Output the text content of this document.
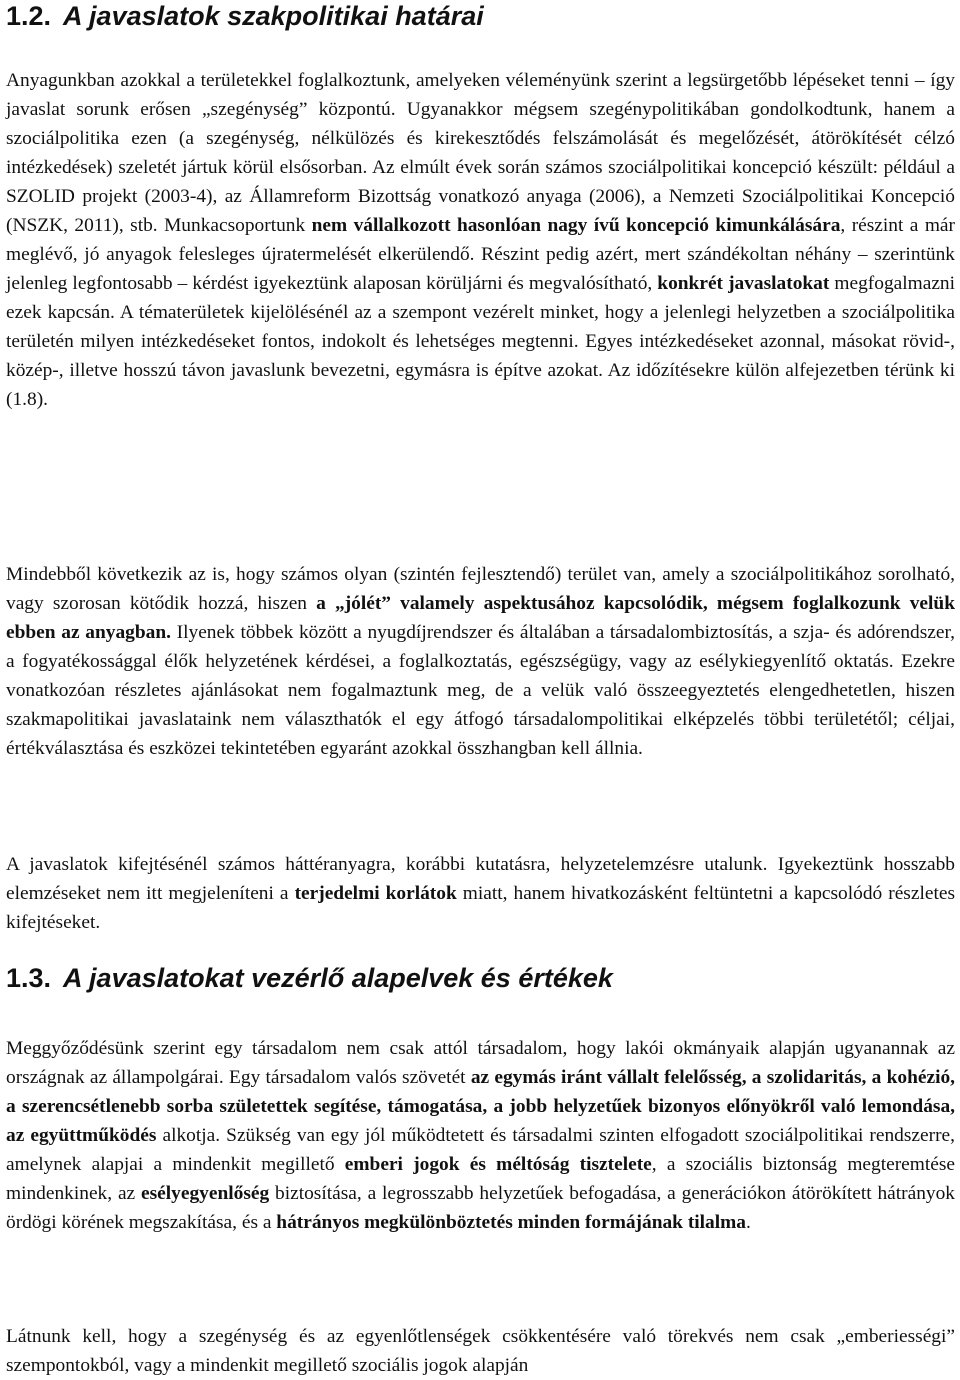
1.2. A javaslatok szakpolitikai határai

Anyagunkban azokkal a területekkel foglalkoztunk, amelyeken véleményünk szerint a legsürgetőbb lépéseket tenni – így javaslat sorunk erősen „szegénység” központú. Ugyanakkor mégsem szegénypolitikában gondolkodtunk, hanem a szociálpolitika ezen (a szegénység, nélkülözés és kirekesztődés felszámolását és megelőzését, átörökítését célzó intézkedések) szeletét jártuk körül elsősorban. Az elmúlt évek során számos szociálpolitikai koncepció készült: például a SZOLID projekt (2003-4), az Államreform Bizottság vonatkozó anyaga (2006), a Nemzeti Szociálpolitikai Koncepció (NSZK, 2011), stb. Munkacsoportunk nem vállalkozott hasonlóan nagy ívű koncepció kimunkálására, részint a már meglévő, jó anyagok felesleges újratermelését elkerülendő. Részint pedig azért, mert szándékoltan néhány – szerintünk jelenleg legfontosabb – kérdést igyekeztünk alaposan körüljárni és megvalósítható, konkrét javaslatokat megfogalmazni ezek kapcsán. A tématerületek kijelölésénél az a szempont vezérelt minket, hogy a jelenlegi helyzetben a szociálpolitika területén milyen intézkedéseket fontos, indokolt és lehetséges megtenni. Egyes intézkedéseket azonnal, másokat rövid-, közép-, illetve hosszú távon javaslunk bevezetni, egymásra is építve azokat. Az időzítésekre külön alfejezetben térünk ki (1.8).

Mindebből következik az is, hogy számos olyan (szintén fejlesztendő) terület van, amely a szociálpolitikához sorolható, vagy szorosan kötődik hozzá, hiszen a „jólét” valamely aspektusához kapcsolódik, mégsem foglalkozunk velük ebben az anyagban. Ilyenek többek között a nyugdíjrendszer és általában a társadalombiztosítás, a szja- és adórendszer, a fogyatékossággal élők helyzetének kérdései, a foglalkoztatás, egészségügy, vagy az esélykiegyenlítő oktatás. Ezekre vonatkozóan részletes ajánlásokat nem fogalmaztunk meg, de a velük való összeegyeztetés elengedhetetlen, hiszen szakmapolitikai javaslataink nem választhatók el egy átfogó társadalompolitikai elképzelés többi területétől; céljai, értékválasztása és eszközei tekintetében egyaránt azokkal összhangban kell állnia.

A javaslatok kifejtésénél számos háttéranyagra, korábbi kutatásra, helyzetelemzésre utalunk. Igyekeztünk hosszabb elemzéseket nem itt megjeleníteni a terjedelmi korlátok miatt, hanem hivatkozásként feltüntetni a kapcsolódó részletes kifejtéseket.

1.3. A javaslatokat vezérlő alapelvek és értékek

Meggyőződésünk szerint egy társadalom nem csak attól társadalom, hogy lakói okmányaik alapján ugyanannak az országnak az állampolgárai. Egy társadalom valós szövetét az egymás iránt vállalt felelősség, a szolidaritás, a kohézió, a szerencsétlenebb sorba születettek segítése, támogatása, a jobb helyzetűek bizonyos előnyökről való lemondása, az együttműködés alkotja. Szükség van egy jól működtetett és társadalmi szinten elfogadott szociálpolitikai rendszerre, amelynek alapjai a mindenkit megillető emberi jogok és méltóság tisztelete, a szociális biztonság megteremtése mindenkinek, az esélyegyenlőség biztosítása, a legrosszabb helyzetűek befogadása, a generációkon átörökített hátrányok ördögi körének megszakítása, és a hátrányos megkülönböztetés minden formájának tilalma.

Látnunk kell, hogy a szegénység és az egyenlőtlenségek csökkentésére való törekvés nem csak „emberiességi” szempontokból, vagy a mindenkit megillető szociális jogok alapján
